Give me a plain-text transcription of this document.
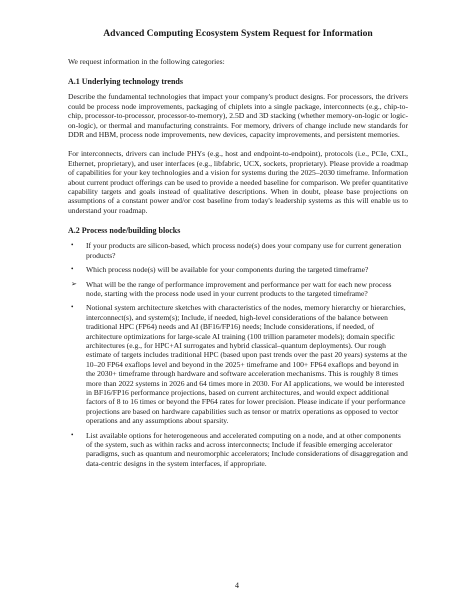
Advanced Computing Ecosystem System Request for Information

We request information in the following categories:

A.1 Underlying technology trends

Describe the fundamental technologies that impact your company's product designs. For processors, the drivers could be process node improvements, packaging of chiplets into a single package, interconnects (e.g., chip-to-chip, processor-to-processor, processor-to-memory), 2.5D and 3D stacking (whether memory-on-logic or logic-on-logic), or thermal and manufacturing constraints. For memory, drivers of change include new standards for DDR and HBM, process node improvements, new devices, capacity improvements, and persistent memories.

For interconnects, drivers can include PHYs (e.g., host and endpoint-to-endpoint), protocols (i.e., PCIe, CXL, Ethernet, proprietary), and user interfaces (e.g., libfabric, UCX, sockets, proprietary). Please provide a roadmap of capabilities for your key technologies and a vision for systems during the 2025–2030 timeframe. Information about current product offerings can be used to provide a needed baseline for comparison. We prefer quantitative capability targets and goals instead of qualitative descriptions. When in doubt, please base projections on assumptions of a constant power and/or cost baseline from today's leadership systems as this will enable us to understand your roadmap.

A.2 Process node/building blocks
• If your products are silicon-based, which process node(s) does your company use for current generation products?
• Which process node(s) will be available for your components during the targeted timeframe?
➢ What will be the range of performance improvement and performance per watt for each new process node, starting with the process node used in your current products to the targeted timeframe?
• Notional system architecture sketches with characteristics of the nodes, memory hierarchy or hierarchies, interconnect(s), and system(s); Include, if needed, high-level considerations of the balance between traditional HPC (FP64) needs and AI (BF16/FP16) needs; Include considerations, if needed, of architecture optimizations for large-scale AI training (100 trillion parameter models); domain specific architectures (e.g., for HPC+AI surrogates and hybrid classical–quantum deployments). Our rough estimate of targets includes traditional HPC (based upon past trends over the past 20 years) systems at the 10–20 FP64 exaflops level and beyond in the 2025+ timeframe and 100+ FP64 exaflops and beyond in the 2030+ timeframe through hardware and software acceleration mechanisms. This is roughly 8 times more than 2022 systems in 2026 and 64 times more in 2030. For AI applications, we would be interested in BF16/FP16 performance projections, based on current architectures, and would expect additional factors of 8 to 16 times or beyond the FP64 rates for lower precision. Please indicate if your performance projections are based on hardware capabilities such as tensor or matrix operations as opposed to vector operations and any assumptions about sparsity.
• List available options for heterogeneous and accelerated computing on a node, and at other components of the system, such as within racks and across interconnects; Include if feasible emerging accelerator paradigms, such as quantum and neuromorphic accelerators; Include considerations of disaggregation and data-centric designs in the system interfaces, if appropriate.
4
